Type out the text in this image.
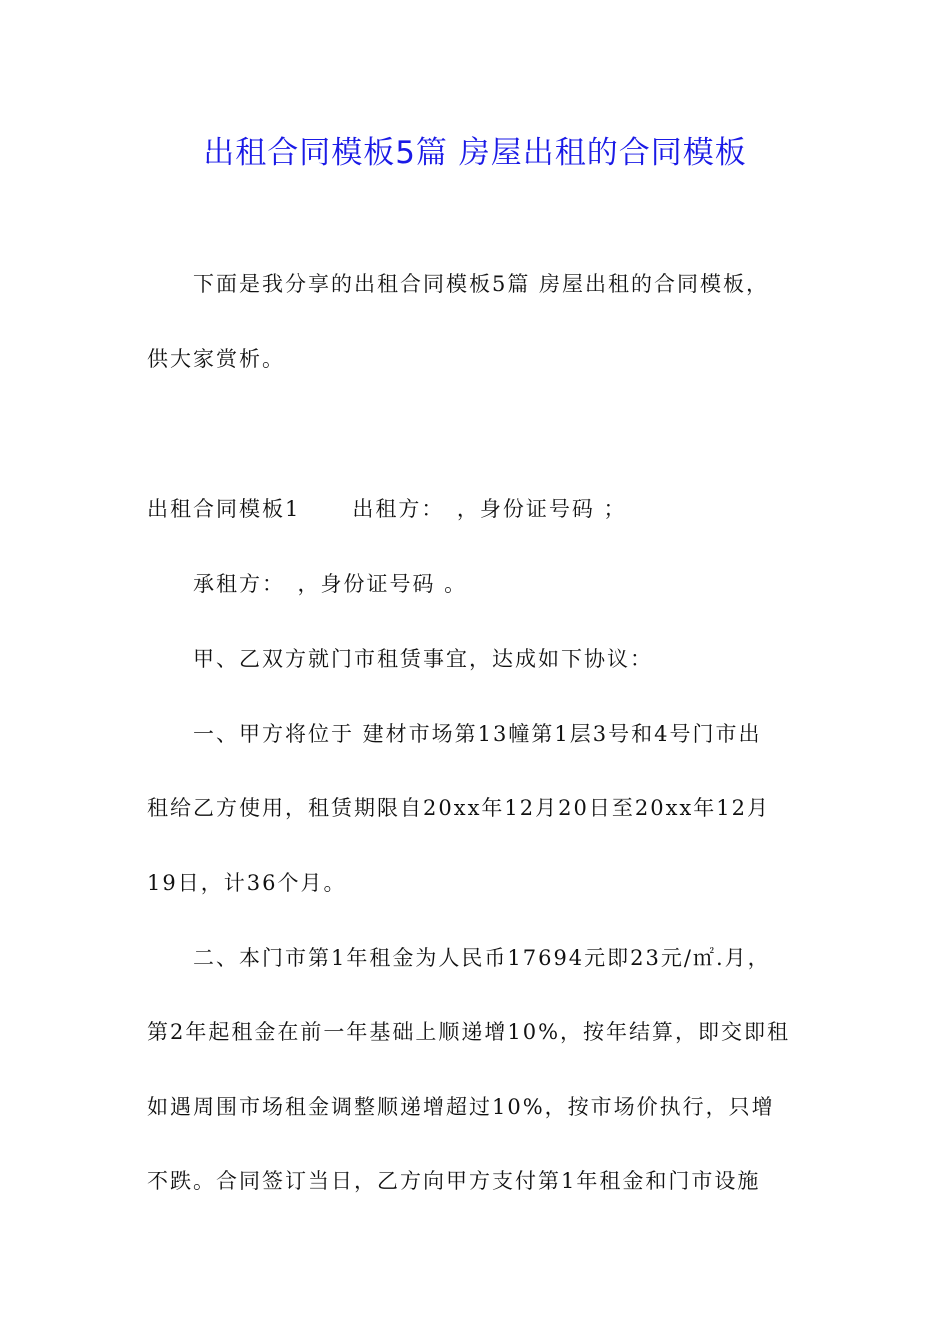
出租合同模板5篇 房屋出租的合同模板
下面是我分享的出租合同模板5篇 房屋出租的合同模板，
供大家赏析。
出租合同模板1 出租方：　，身份证号码 ；
承租方：　，身份证号码 。
甲、乙双方就门市租赁事宜，达成如下协议：
一、甲方将位于 建材市场第13幢第1层3号和4号门市出
租给乙方使用，租赁期限自20xx年12月20日至20xx年12月
19日，计36个月。
二、本门市第1年租金为人民币17694元即23元/㎡.月，
第2年起租金在前一年基础上顺递增10%，按年结算，即交即租
如遇周围市场租金调整顺递增超过10%，按市场价执行，只增
不跌。合同签订当日，乙方向甲方支付第1年租金和门市设施
